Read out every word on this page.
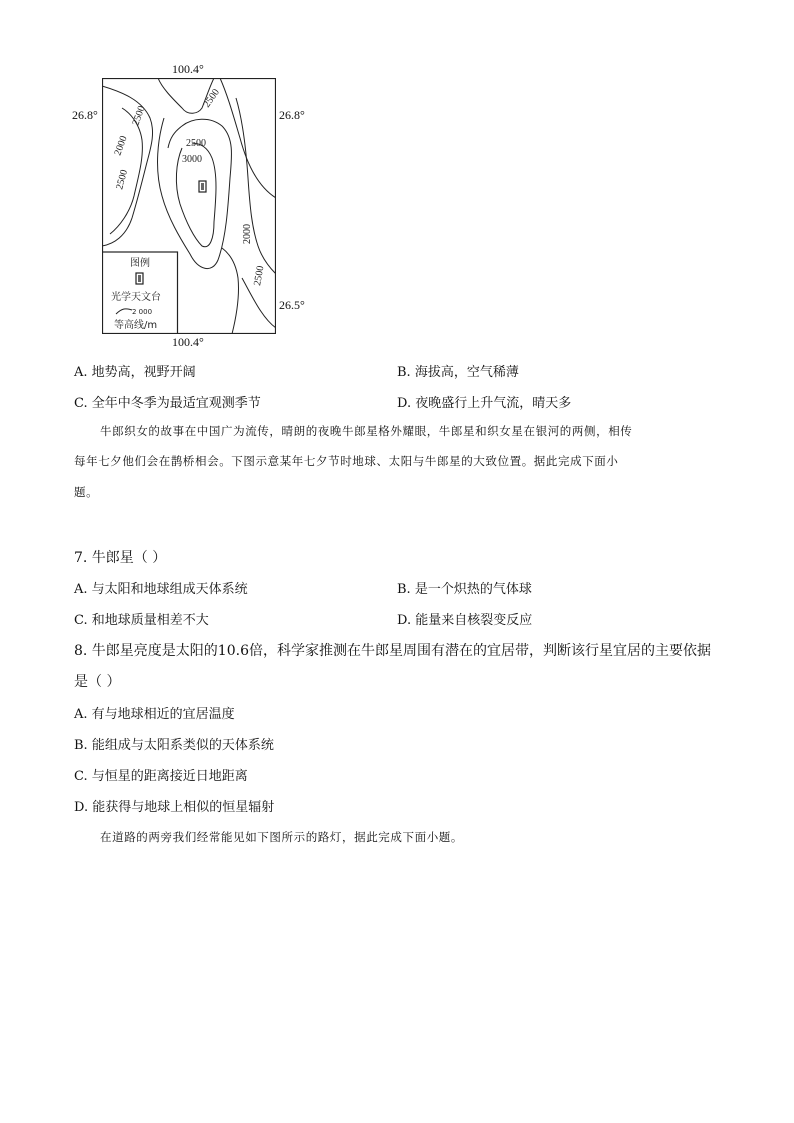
100.4°
26.8°	26.8°
26.5°
100.4°
2500
2500
2000
2500
2500
3000
2000
2500
图例
光学天文台
2 000
等高线/m
A. 地势高，视野开阔	B. 海拔高，空气稀薄
C. 全年中冬季为最适宜观测季节	D. 夜晚盛行上升气流，晴天多
牛郎织女的故事在中国广为流传，晴朗的夜晚牛郎星格外耀眼，牛郎星和织女星在银河的两侧，相传
每年七夕他们会在鹊桥相会。下图示意某年七夕节时地球、太阳与牛郎星的大致位置。据此完成下面小
题。
7. 牛郎星（ ）
A. 与太阳和地球组成天体系统	B. 是一个炽热的气体球
C. 和地球质量相差不大	D. 能量来自核裂变反应
8. 牛郎星亮度是太阳的10.6倍，科学家推测在牛郎星周围有潜在的宜居带，判断该行星宜居的主要依据
是（ ）
A. 有与地球相近的宜居温度
B. 能组成与太阳系类似的天体系统
C. 与恒星的距离接近日地距离
D. 能获得与地球上相似的恒星辐射
在道路的两旁我们经常能见如下图所示的路灯，据此完成下面小题。
